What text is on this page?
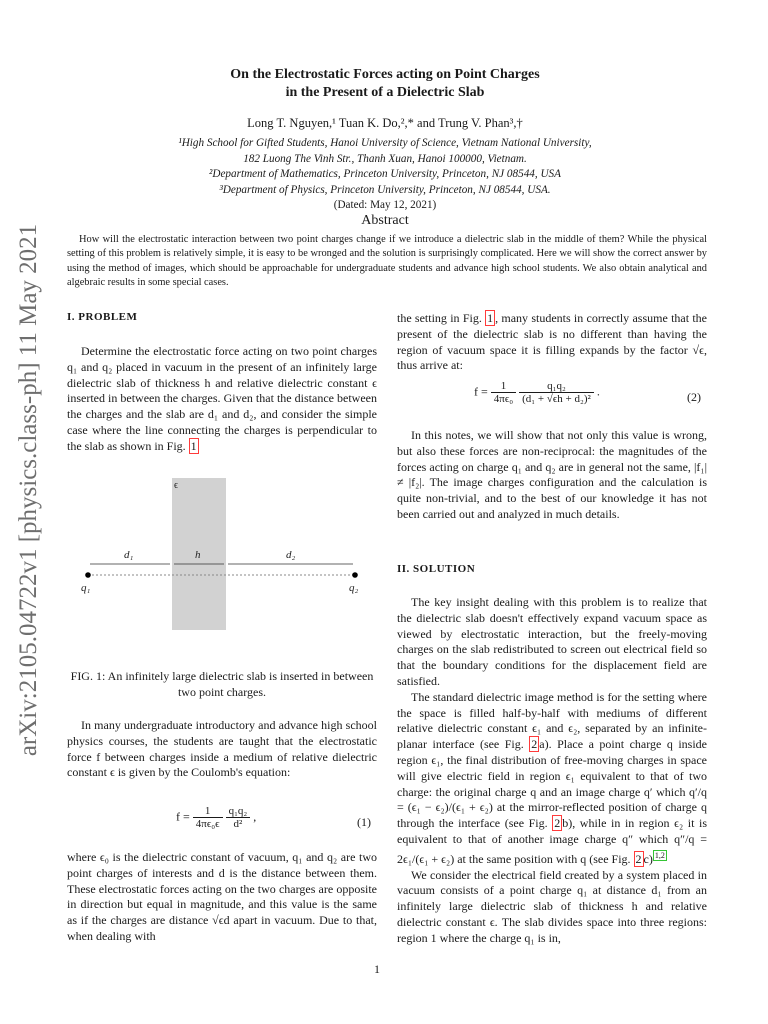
arXiv:2105.04722v1 [physics.class-ph] 11 May 2021
On the Electrostatic Forces acting on Point Charges
in the Present of a Dielectric Slab
Long T. Nguyen,¹ Tuan K. Do,²,* and Trung V. Phan³,†
¹High School for Gifted Students, Hanoi University of Science, Vietnam National University,
182 Luong The Vinh Str., Thanh Xuan, Hanoi 100000, Vietnam.
²Department of Mathematics, Princeton University, Princeton, NJ 08544, USA
³Department of Physics, Princeton University, Princeton, NJ 08544, USA.
(Dated: May 12, 2021)
Abstract
How will the electrostatic interaction between two point charges change if we introduce a dielectric slab in the middle of them? While the physical setting of this problem is relatively simple, it is easy to be wronged and the solution is surprisingly complicated. Here we will show the correct answer by using the method of images, which should be approachable for undergraduate students and advance high school students. We also obtain analytical and algebraic results in some special cases.
I. PROBLEM

Determine the electrostatic force acting on two point charges q₁ and q₂ placed in vacuum in the present of an infinitely large dielectric slab of thickness h and relative dielectric constant ϵ inserted in between the charges. Given that the distance between the charges and the slab are d₁ and d₂, and consider the simple case where the line connecting the charges is perpendicular to the slab as shown in Fig. 1

ϵ
d₁	h	d₂
q₁	q₂
FIG. 1: An infinitely large dielectric slab is inserted in between two point charges.

In many undergraduate introductory and advance high school physics courses, the students are taught that the electrostatic force f between charges inside a medium of relative dielectric constant ϵ is given by the Coulomb's equation:

$f = \frac{1}{\text{4πϵ₀ϵ}}$
$\frac{\text{q₁q₂}}{\text{d²}}$ ,	(1)

where ϵ₀ is the dielectric constant of vacuum, q₁ and q₂ are two point charges of interests and d is the distance between them. These electrostatic forces acting on the two charges are opposite in direction but equal in magnitude, and this value is the same as if the charges are distance √ϵd apart in vacuum. Due to that, when dealing with

the setting in Fig. 1 , many students in correctly assume that the present of the dielectric slab is no different than having the region of vacuum space it is filling expands by the factor √ϵ, thus arrive at:

$f = \frac{1}{\text{4πϵ₀}}$
$\frac{\text{q₁q₂}}{\text{(d₁ + √ϵh + d₂)²}}$ .	(2)

In this notes, we will show that not only this value is wrong, but also these forces are non-reciprocal: the magnitudes of the forces acting on charge q₁ and q₂ are in general not the same, |f₁| ≠ |f₂|. The image charges configuration and the calculation is quite non-trivial, and to the best of our knowledge it has not been carried out and analyzed in much details.

II. SOLUTION

The key insight dealing with this problem is to realize that the dielectric slab doesn't effectively expand vacuum space as viewed by electrostatic interaction, but the freely-moving charges on the slab redistributed to screen out electrical field so that the boundary conditions for the displacement field are satisfied.

The standard dielectric image method is for the setting where the space is filled half-by-half with mediums of different relative dielectric constant ϵ₁ and ϵ₂, separated by an infinite-planar interface (see Fig. 2 a). Place a point charge q inside region ϵ₁, the final distribution of free-moving charges in space will give electric field in region ϵ₁ equivalent to that of two charge: the original charge q and an image charge q′ which q′/q = (ϵ₁ − ϵ₂)/(ϵ₁ + ϵ₂) at the mirror-reflected position of charge q through the interface (see Fig. 2 b), while in in region ϵ₂ it is equivalent to that of another image charge q″ which q″/q = 2ϵ₁/(ϵ₁ + ϵ₂) at the same position with q (see Fig. 2 c) $^{1,2}$

We consider the electrical field created by a system placed in vacuum consists of a point charge q₁ at distance d₁ from an infinitely large dielectric slab of thickness h and relative dielectric constant ϵ. The slab divides space into three regions: region 1 where the charge q₁ is in,

1
